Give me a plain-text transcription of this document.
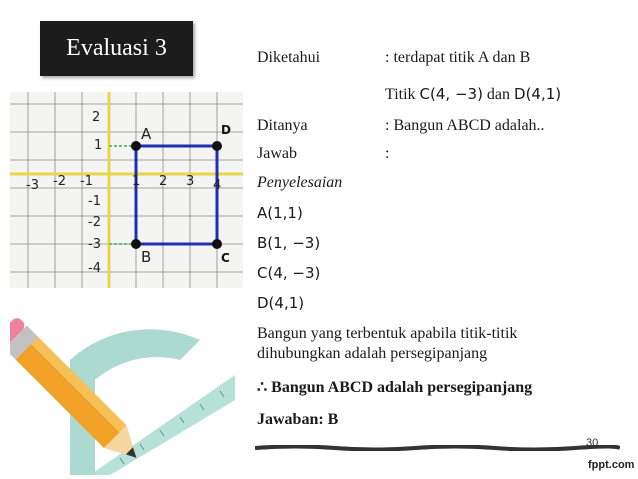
Evaluasi 3
-3 -2 -1	1 2 3 4
2
1
-1
-2
-3
-4
A
B
D
C
Diketahui	: terdapat titik A dan B
Titik C(4, −3) dan D(4,1)
Ditanya	: Bangun ABCD adalah..
Jawab	:
Penyelesaian
A(1,1)
B(1, −3)
C(4, −3)
D(4,1)
Bangun yang terbentuk apabila titik-titik
dihubungkan adalah persegipanjang
∴ Bangun ABCD adalah persegipanjang
Jawaban: B
30
fppt.com
